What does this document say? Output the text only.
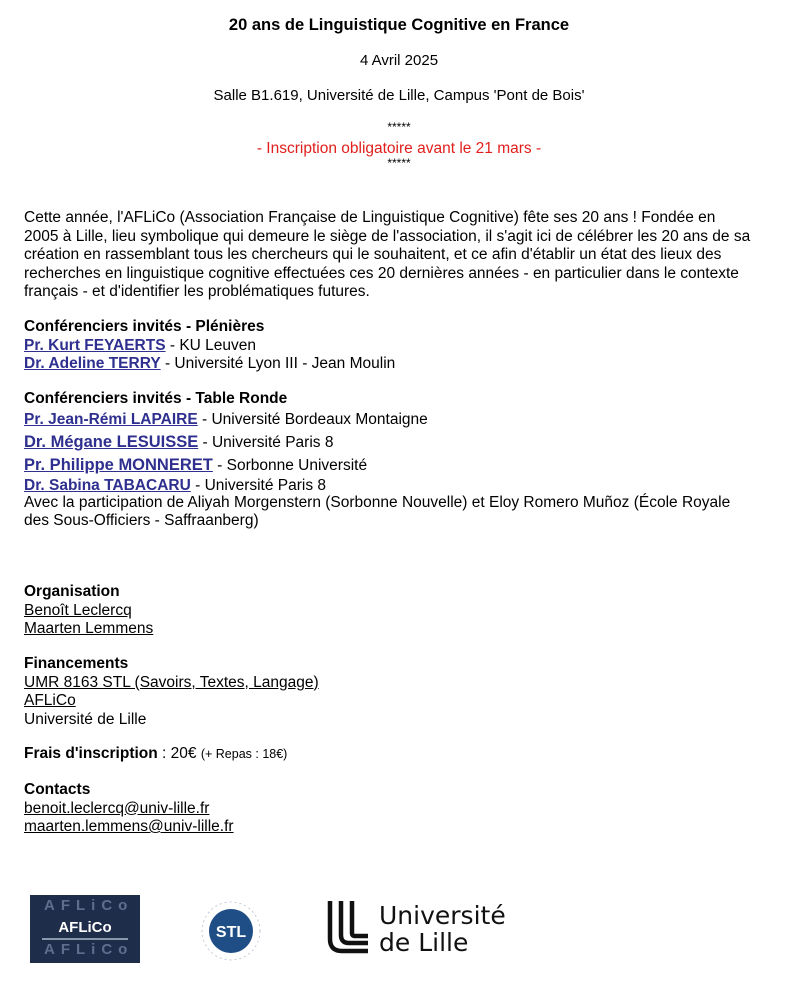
20 ans de Linguistique Cognitive en France
4 Avril 2025
Salle B1.619, Université de Lille, Campus 'Pont de Bois'
*****
- Inscription obligatoire avant le 21 mars -
*****
Cette année, l'AFLiCo (Association Française de Linguistique Cognitive) fête ses 20 ans ! Fondée en
2005 à Lille, lieu symbolique qui demeure le siège de l'association, il s'agit ici de célébrer les 20 ans de sa
création en rassemblant tous les chercheurs qui le souhaitent, et ce afin d'établir un état des lieux des
recherches en linguistique cognitive effectuées ces 20 dernières années - en particulier dans le contexte
français - et d'identifier les problématiques futures.
Conférenciers invités - Plénières
Pr. Kurt FEYAERTS - KU Leuven
Dr. Adeline TERRY - Université Lyon III - Jean Moulin
Conférenciers invités - Table Ronde
Pr. Jean-Rémi LAPAIRE - Université Bordeaux Montaigne
Dr. Mégane LESUISSE - Université Paris 8
Pr. Philippe MONNERET - Sorbonne Université
Dr. Sabina TABACARU - Université Paris 8
Avec la participation de Aliyah Morgenstern (Sorbonne Nouvelle) et Eloy Romero Muñoz (École Royale
des Sous-Officiers - Saffraanberg)
Organisation
Benoît Leclercq
Maarten Lemmens
Financements
UMR 8163 STL (Savoirs, Textes, Langage)
AFLiCo
Université de Lille
Frais d'inscription : 20€ (+ Repas : 18€)
Contacts
benoit.leclercq@univ-lille.fr
maarten.lemmens@univ-lille.fr
AFLiCo
AFLiCo
AFLiCo
STL
Université
de Lille
